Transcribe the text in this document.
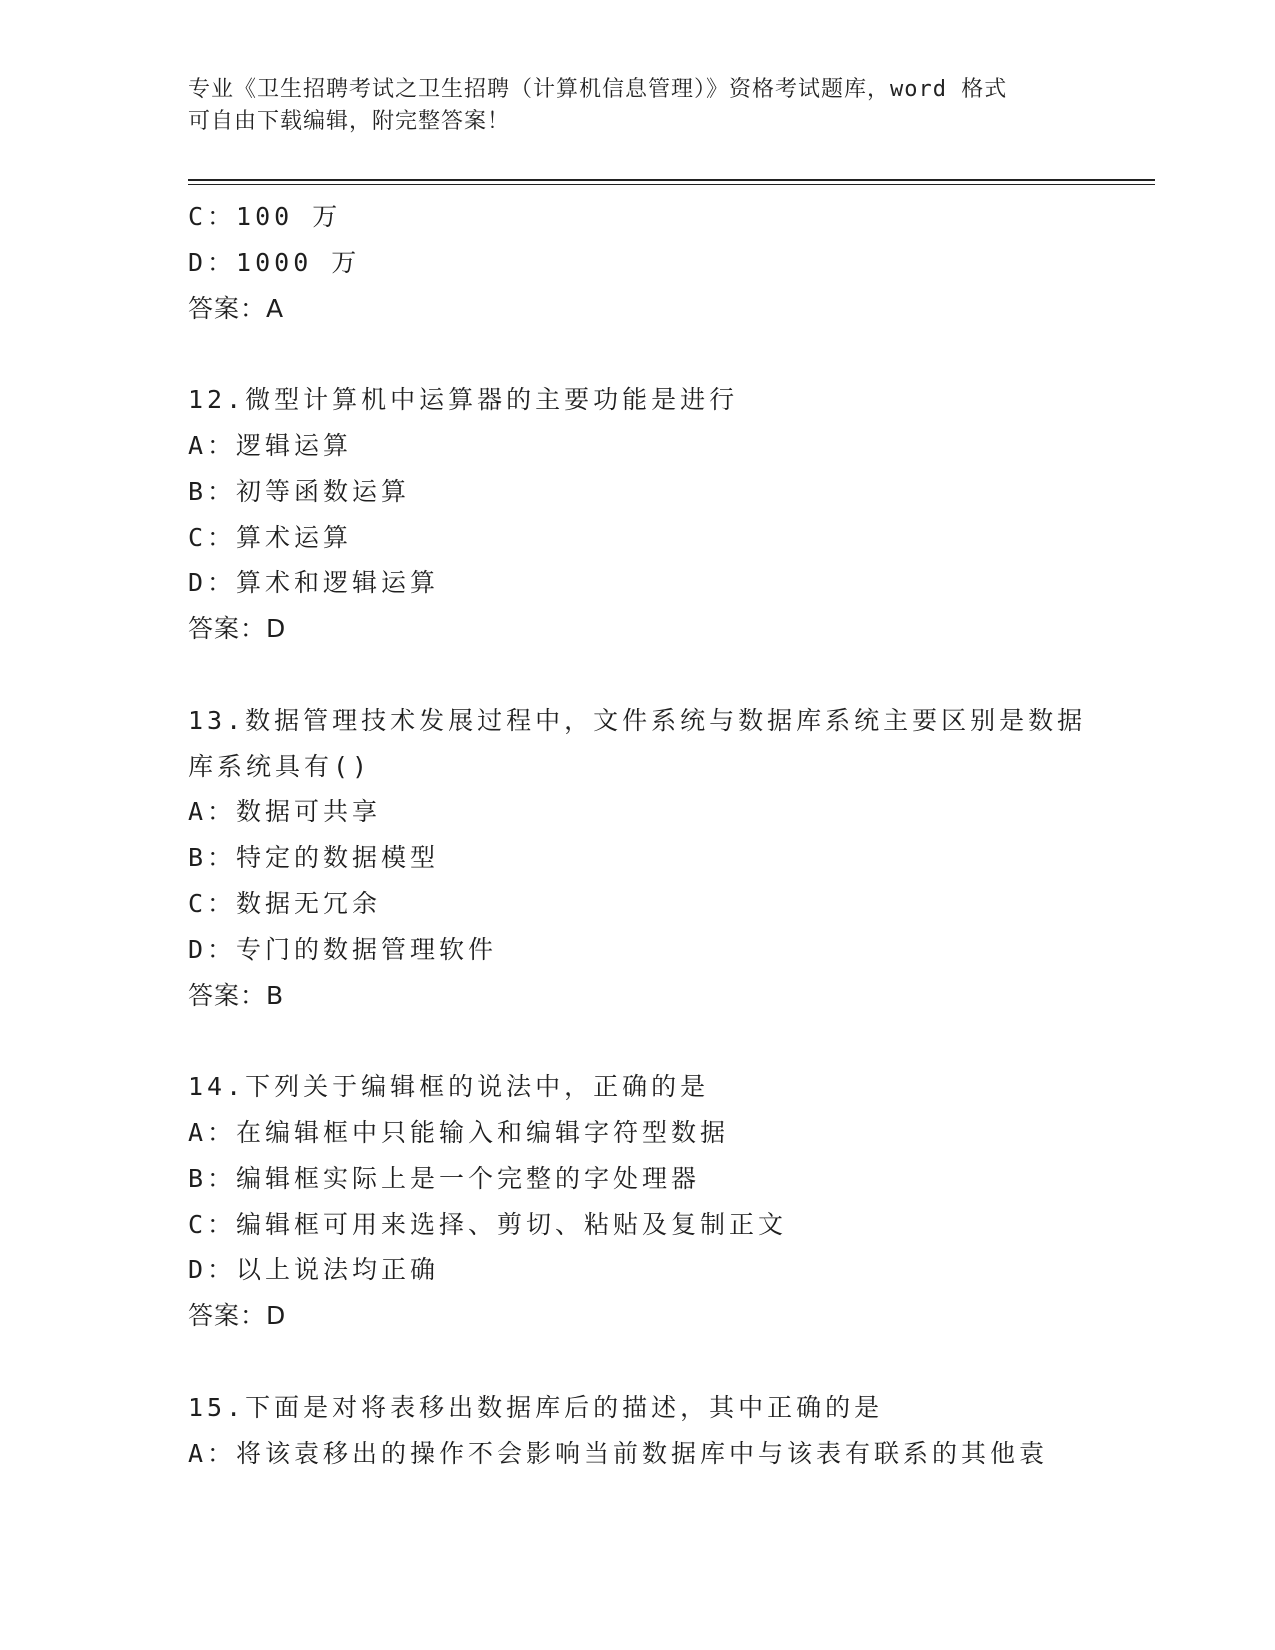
专业《卫生招聘考试之卫生招聘（计算机信息管理）》资格考试题库，word 格式
可自由下载编辑，附完整答案！
C：100 万
D：1000 万
答案：A
12.微型计算机中运算器的主要功能是进行
A：逻辑运算
B：初等函数运算
C：算术运算
D：算术和逻辑运算
答案：D
13.数据管理技术发展过程中，文件系统与数据库系统主要区别是数据
库系统具有()
A：数据可共享
B：特定的数据模型
C：数据无冗余
D：专门的数据管理软件
答案：B
14.下列关于编辑框的说法中，正确的是
A：在编辑框中只能输入和编辑字符型数据
B：编辑框实际上是一个完整的字处理器
C：编辑框可用来选择、剪切、粘贴及复制正文
D：以上说法均正确
答案：D
15.下面是对将表移出数据库后的描述，其中正确的是
A：将该袁移出的操作不会影响当前数据库中与该表有联系的其他袁
